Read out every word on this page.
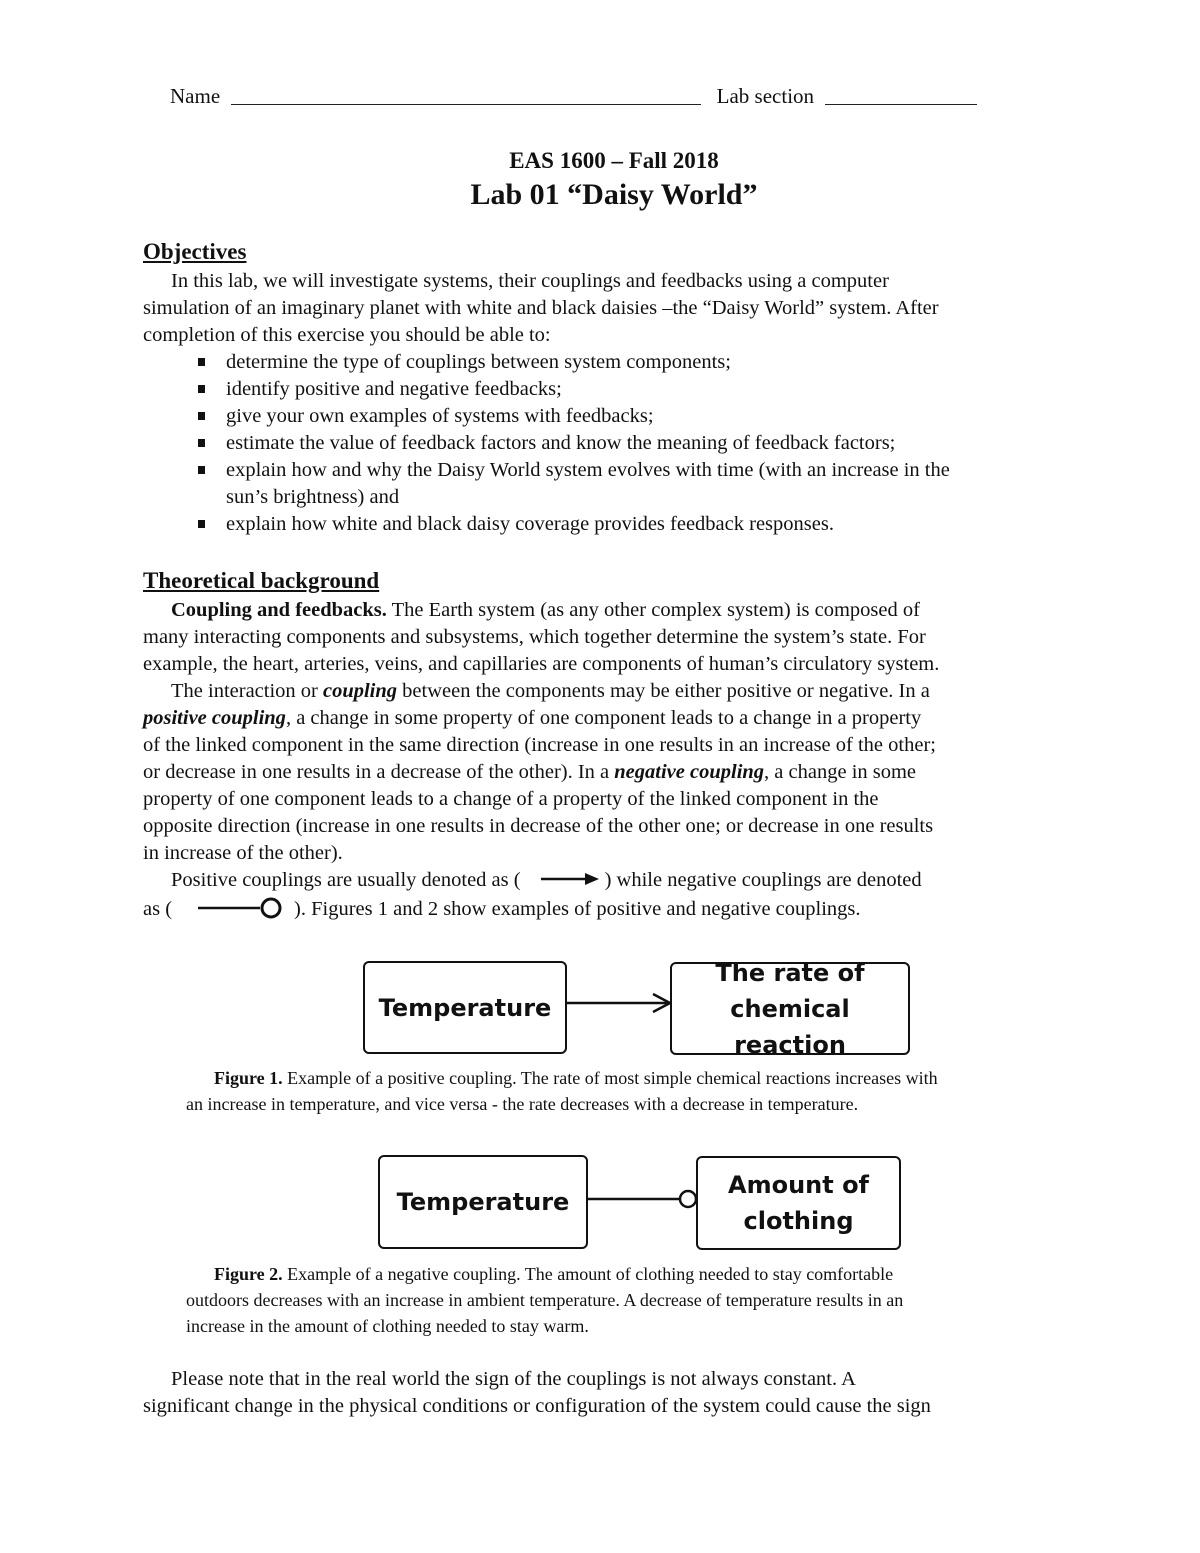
Name	Lab section
EAS 1600 – Fall 2018
Lab 01 “Daisy World”
Objectives
In this lab, we will investigate systems, their couplings and feedbacks using a computer
simulation of an imaginary planet with white and black daisies –the “Daisy World” system. After
completion of this exercise you should be able to:
determine the type of couplings between system components;
identify positive and negative feedbacks;
give your own examples of systems with feedbacks;
estimate the value of feedback factors and know the meaning of feedback factors;
explain how and why the Daisy World system evolves with time (with an increase in the
sun’s brightness) and
explain how white and black daisy coverage provides feedback responses.
Theoretical background
Coupling and feedbacks. The Earth system (as any other complex system) is composed of
many interacting components and subsystems, which together determine the system’s state. For
example, the heart, arteries, veins, and capillaries are components of human’s circulatory system.
The interaction or coupling between the components may be either positive or negative. In a
positive coupling, a change in some property of one component leads to a change in a property
of the linked component in the same direction (increase in one results in an increase of the other;
or decrease in one results in a decrease of the other). In a negative coupling, a change in some
property of one component leads to a change of a property of the linked component in the
opposite direction (increase in one results in decrease of the other one; or decrease in one results
in increase of the other).
Positive couplings are usually denoted as (	) while negative couplings are denoted
as (	). Figures 1 and 2 show examples of positive and negative couplings.
Temperature
The rate of
chemical reaction
Figure 1. Example of a positive coupling. The rate of most simple chemical reactions increases with
an increase in temperature, and vice versa - the rate decreases with a decrease in temperature.
Temperature
Amount of
clothing
Figure 2. Example of a negative coupling. The amount of clothing needed to stay comfortable
outdoors decreases with an increase in ambient temperature. A decrease of temperature results in an
increase in the amount of clothing needed to stay warm.
Please note that in the real world the sign of the couplings is not always constant. A
significant change in the physical conditions or configuration of the system could cause the sign
